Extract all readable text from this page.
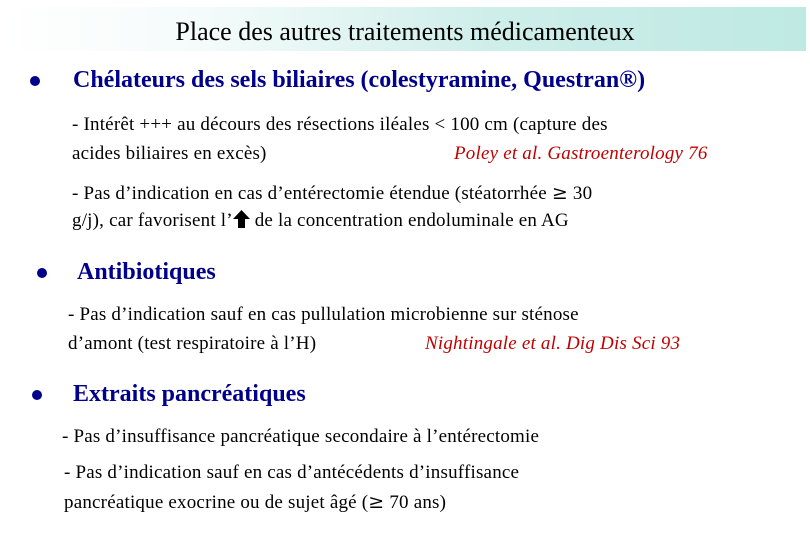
Place des autres traitements médicamenteux
Chélateurs des sels biliaires (colestyramine, Questran®)
- Intérêt +++ au décours des résections iléales < 100 cm (capture des
acides biliaires en excès)	Poley et al. Gastroenterology 76
- Pas d’indication en cas d’entérectomie étendue (stéatorrhée ≥ 30
g/j), car favorisent l’ de la concentration endoluminale en AG
Antibiotiques
- Pas d’indication sauf en cas pullulation microbienne sur sténose
d’amont (test respiratoire à l’H)	Nightingale et al. Dig Dis Sci 93
Extraits pancréatiques
- Pas d’insuffisance pancréatique secondaire à l’entérectomie
- Pas d’indication sauf en cas d’antécédents d’insuffisance
pancréatique exocrine ou de sujet âgé (≥ 70 ans)
